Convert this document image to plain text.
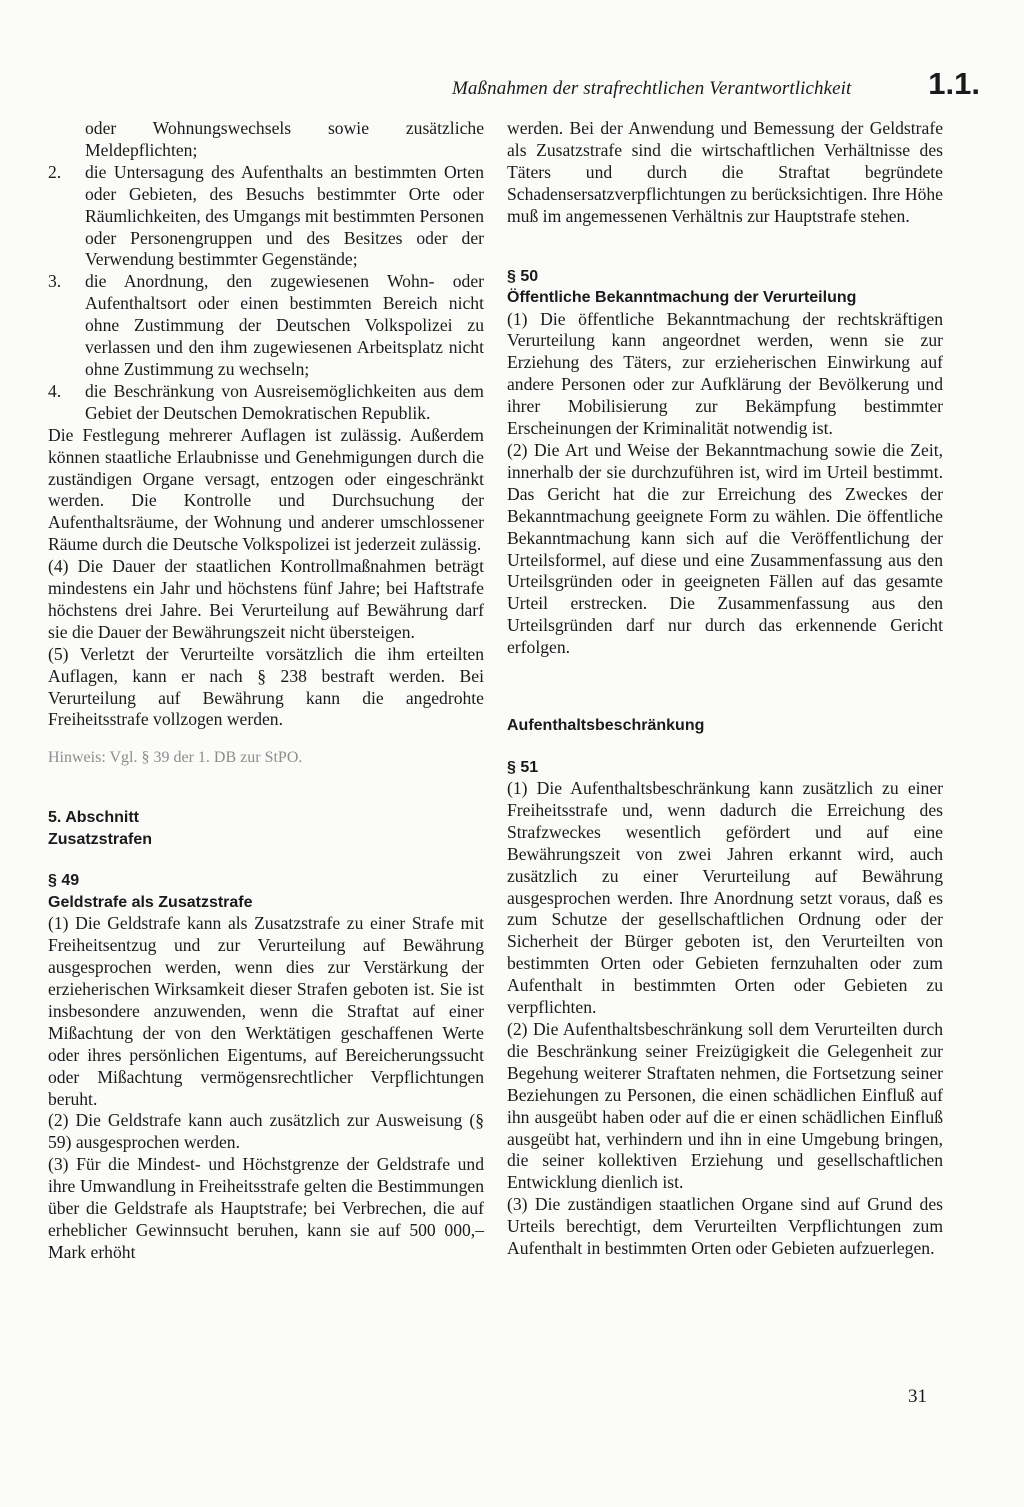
Maßnahmen der strafrechtlichen Verantwortlichkeit 1.1.

oder Wohnungswechsels sowie zusätzliche Meldepflichten;

2.	die Untersagung des Aufenthalts an bestimmten Orten oder Gebieten, des Besuchs bestimmter Orte oder Räumlichkeiten, des Umgangs mit bestimmten Personen oder Personengruppen und des Besitzes oder der Verwendung bestimmter Gegenstände;
3.	die Anordnung, den zugewiesenen Wohn- oder Aufenthaltsort oder einen bestimmten Bereich nicht ohne Zustimmung der Deutschen Volkspolizei zu verlassen und den ihm zugewiesenen Arbeitsplatz nicht ohne Zustimmung zu wechseln;
4.	die Beschränkung von Ausreisemöglichkeiten aus dem Gebiet der Deutschen Demokratischen Republik.

Die Festlegung mehrerer Auflagen ist zulässig. Außerdem können staatliche Erlaubnisse und Genehmigungen durch die zuständigen Organe versagt, entzogen oder eingeschränkt werden. Die Kontrolle und Durchsuchung der Aufenthaltsräume, der Wohnung und anderer umschlossener Räume durch die Deutsche Volkspolizei ist jederzeit zulässig.

(4) Die Dauer der staatlichen Kontrollmaßnahmen beträgt mindestens ein Jahr und höchstens fünf Jahre; bei Haftstrafe höchstens drei Jahre. Bei Verurteilung auf Bewährung darf sie die Dauer der Bewährungszeit nicht übersteigen.

(5) Verletzt der Verurteilte vorsätzlich die ihm erteilten Auflagen, kann er nach § 238 bestraft werden. Bei Verurteilung auf Bewährung kann die angedrohte Freiheitsstrafe vollzogen werden.

Hinweis: Vgl. § 39 der 1. DB zur StPO.

5. Abschnitt

Zusatzstrafen

§ 49

Geldstrafe als Zusatzstrafe

(1) Die Geldstrafe kann als Zusatzstrafe zu einer Strafe mit Freiheitsentzug und zur Verurteilung auf Bewährung ausgesprochen werden, wenn dies zur Verstärkung der erzieherischen Wirksamkeit dieser Strafen geboten ist. Sie ist insbesondere anzuwenden, wenn die Straftat auf einer Mißachtung der von den Werktätigen geschaffenen Werte oder ihres persönlichen Eigentums, auf Bereicherungssucht oder Mißachtung vermögensrechtlicher Verpflichtungen beruht.

(2) Die Geldstrafe kann auch zusätzlich zur Ausweisung (§ 59) ausgesprochen werden.

(3) Für die Mindest- und Höchstgrenze der Geldstrafe und ihre Umwandlung in Freiheitsstrafe gelten die Bestimmungen über die Geldstrafe als Hauptstrafe; bei Verbrechen, die auf erheblicher Gewinnsucht beruhen, kann sie auf 500 000,– Mark erhöht

werden. Bei der Anwendung und Bemessung der Geldstrafe als Zusatzstrafe sind die wirtschaftlichen Verhältnisse des Täters und durch die Straftat begründete Schadensersatzverpflichtungen zu berücksichtigen. Ihre Höhe muß im angemessenen Verhältnis zur Hauptstrafe stehen.

§ 50

Öffentliche Bekanntmachung der Verurteilung

(1) Die öffentliche Bekanntmachung der rechtskräftigen Verurteilung kann angeordnet werden, wenn sie zur Erziehung des Täters, zur erzieherischen Einwirkung auf andere Personen oder zur Aufklärung der Bevölkerung und ihrer Mobilisierung zur Bekämpfung bestimmter Erscheinungen der Kriminalität notwendig ist.

(2) Die Art und Weise der Bekanntmachung sowie die Zeit, innerhalb der sie durchzuführen ist, wird im Urteil bestimmt. Das Gericht hat die zur Erreichung des Zweckes der Bekanntmachung geeignete Form zu wählen. Die öffentliche Bekanntmachung kann sich auf die Veröffentlichung der Urteilsformel, auf diese und eine Zusammenfassung aus den Urteilsgründen oder in geeigneten Fällen auf das gesamte Urteil erstrecken. Die Zusammenfassung aus den Urteilsgründen darf nur durch das erkennende Gericht erfolgen.

Aufenthaltsbeschränkung

§ 51

(1) Die Aufenthaltsbeschränkung kann zusätzlich zu einer Freiheitsstrafe und, wenn dadurch die Erreichung des Strafzweckes wesentlich gefördert und auf eine Bewährungszeit von zwei Jahren erkannt wird, auch zusätzlich zu einer Verurteilung auf Bewährung ausgesprochen werden. Ihre Anordnung setzt voraus, daß es zum Schutze der gesellschaftlichen Ordnung oder der Sicherheit der Bürger geboten ist, den Verurteilten von bestimmten Orten oder Gebieten fernzuhalten oder zum Aufenthalt in bestimmten Orten oder Gebieten zu verpflichten.

(2) Die Aufenthaltsbeschränkung soll dem Verurteilten durch die Beschränkung seiner Freizügigkeit die Gelegenheit zur Begehung weiterer Straftaten nehmen, die Fortsetzung seiner Beziehungen zu Personen, die einen schädlichen Einfluß auf ihn ausgeübt haben oder auf die er einen schädlichen Einfluß ausgeübt hat, verhindern und ihn in eine Umgebung bringen, die seiner kollektiven Erziehung und gesellschaftlichen Entwicklung dienlich ist.

(3) Die zuständigen staatlichen Organe sind auf Grund des Urteils berechtigt, dem Verurteilten Verpflichtungen zum Aufenthalt in bestimmten Orten oder Gebieten aufzuerlegen.

31
